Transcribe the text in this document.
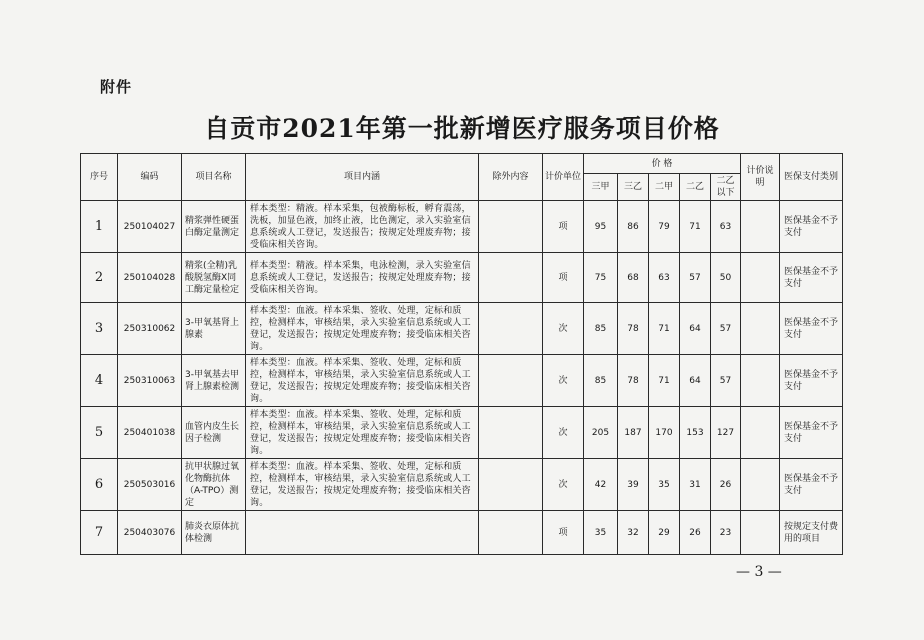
附件
自贡市2021年第一批新增医疗服务项目价格
序号	编码	项目名称	项目内涵	除外内容	计价单位	价 格					计价说明	医保支付类别
						三甲	三乙	二甲	二乙	二乙以下		
1	250104027	精浆弹性硬蛋白酶定量测定	样本类型：精液。样本采集，包被酶标板，孵育震荡，洗板，加显色液，加终止液，比色测定，录入实验室信息系统或人工登记，发送报告；按规定处理废弃物；接受临床相关咨询。		项	95	86	79	71	63		医保基金不予支付
2	250104028	精浆(全精)乳酸脱氢酶X同工酶定量检定	样本类型：精液。样本采集，电泳检测，录入实验室信息系统或人工登记，发送报告；按规定处理废弃物；接受临床相关咨询。		项	75	68	63	57	50		医保基金不予支付
3	250310062	3-甲氧基肾上腺素	样本类型：血液。样本采集、签收、处理，定标和质控，检测样本，审核结果，录入实验室信息系统或人工登记，发送报告；按规定处理废弃物；接受临床相关咨询。		次	85	78	71	64	57		医保基金不予支付
4	250310063	3-甲氧基去甲肾上腺素检测	样本类型：血液。样本采集、签收、处理，定标和质控，检测样本，审核结果，录入实验室信息系统或人工登记，发送报告；按规定处理废弃物；接受临床相关咨询。		次	85	78	71	64	57		医保基金不予支付
5	250401038	血管内皮生长因子检测	样本类型：血液。样本采集、签收、处理，定标和质控，检测样本，审核结果，录入实验室信息系统或人工登记，发送报告；按规定处理废弃物；接受临床相关咨询。		次	205	187	170	153	127		医保基金不予支付
6	250503016	抗甲状腺过氧化物酶抗体（A-TPO）测定	样本类型：血液。样本采集、签收、处理，定标和质控，检测样本，审核结果，录入实验室信息系统或人工登记，发送报告；按规定处理废弃物；接受临床相关咨询。		次	42	39	35	31	26		医保基金不予支付
7	250403076	肺炎衣原体抗体检测			项	35	32	29	26	23		按规定支付费用的项目
— 3 —
